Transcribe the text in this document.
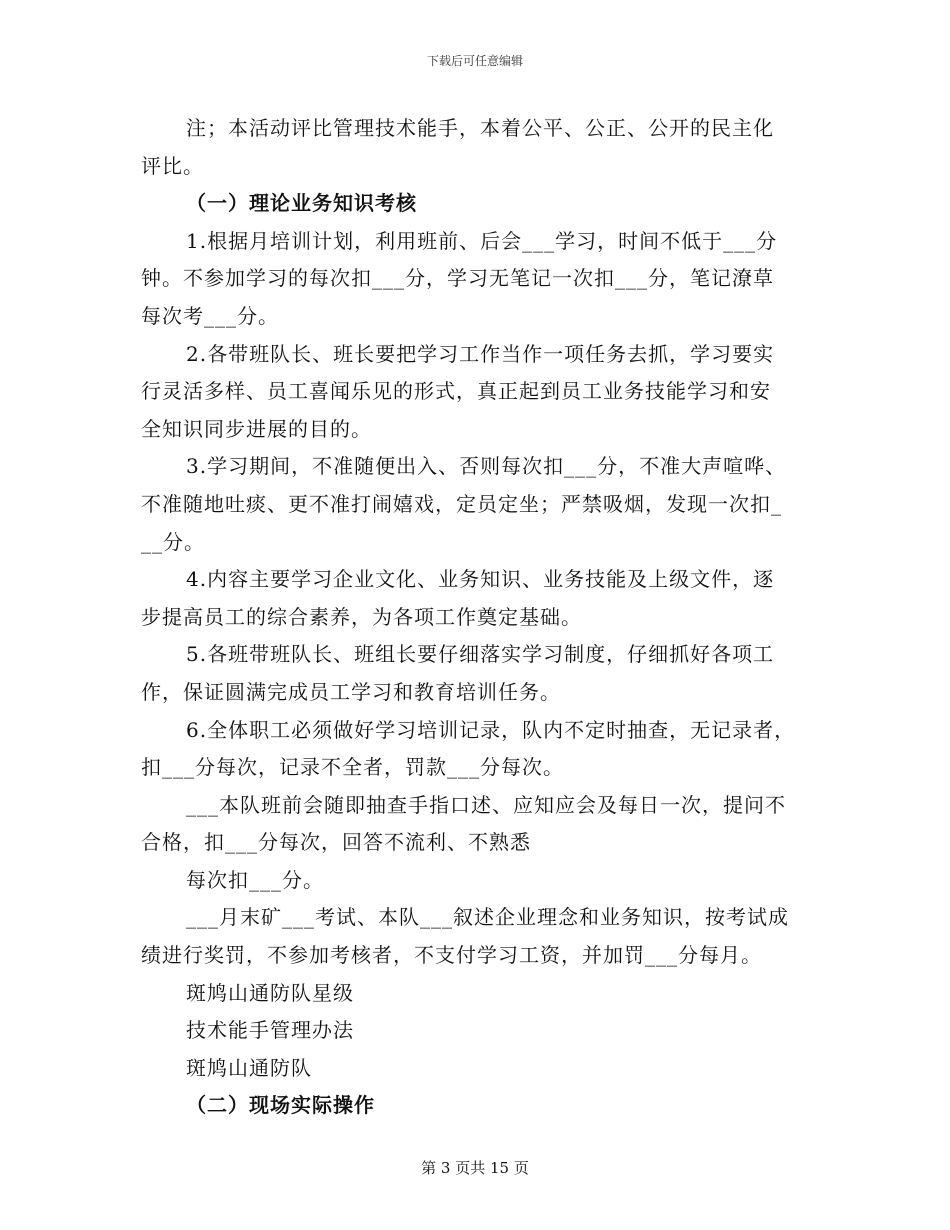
下载后可任意编辑
注；本活动评比管理技术能手，本着公平、公正、公开的民主化
评比。
（一）理论业务知识考核
1.根据月培训计划，利用班前、后会___学习，时间不低于___分
钟。不参加学习的每次扣___分，学习无笔记一次扣___分，笔记潦草
每次考___分。
2.各带班队长、班长要把学习工作当作一项任务去抓，学习要实
行灵活多样、员工喜闻乐见的形式，真正起到员工业务技能学习和安
全知识同步进展的目的。
3.学习期间，不准随便出入、否则每次扣___分，不准大声喧哗、
不准随地吐痰、更不准打闹嬉戏，定员定坐；严禁吸烟，发现一次扣_
__分。
4.内容主要学习企业文化、业务知识、业务技能及上级文件，逐
步提高员工的综合素养，为各项工作奠定基础。
5.各班带班队长、班组长要仔细落实学习制度，仔细抓好各项工
作，保证圆满完成员工学习和教育培训任务。
6.全体职工必须做好学习培训记录，队内不定时抽查，无记录者，
扣___分每次，记录不全者，罚款___分每次。
___本队班前会随即抽查手指口述、应知应会及每日一次，提问不
合格，扣___分每次，回答不流利、不熟悉
每次扣___分。
___月末矿___考试、本队___叙述企业理念和业务知识，按考试成
绩进行奖罚，不参加考核者，不支付学习工资，并加罚___分每月。
斑鸠山通防队星级
技术能手管理办法
斑鸠山通防队
（二）现场实际操作
第 3 页共 15 页
